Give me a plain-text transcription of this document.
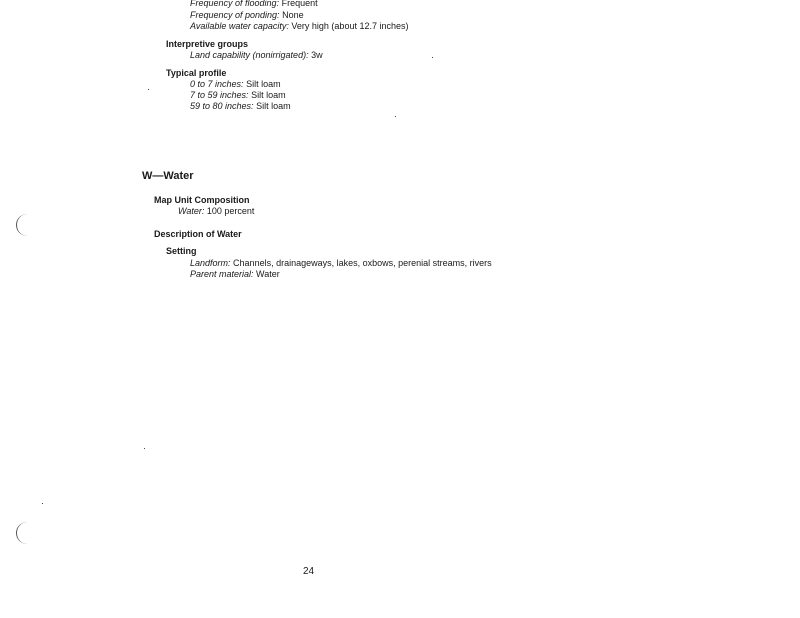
Frequency of flooding: Frequent
Frequency of ponding: None
Available water capacity: Very high (about 12.7 inches)
Interpretive groups
Land capability (nonirrigated): 3w
Typical profile
0 to 7 inches: Silt loam
7 to 59 inches: Silt loam
59 to 80 inches: Silt loam
W—Water
Map Unit Composition
Water: 100 percent
Description of Water
Setting
Landform: Channels, drainageways, lakes, oxbows, perenial streams, rivers
Parent material: Water
24
